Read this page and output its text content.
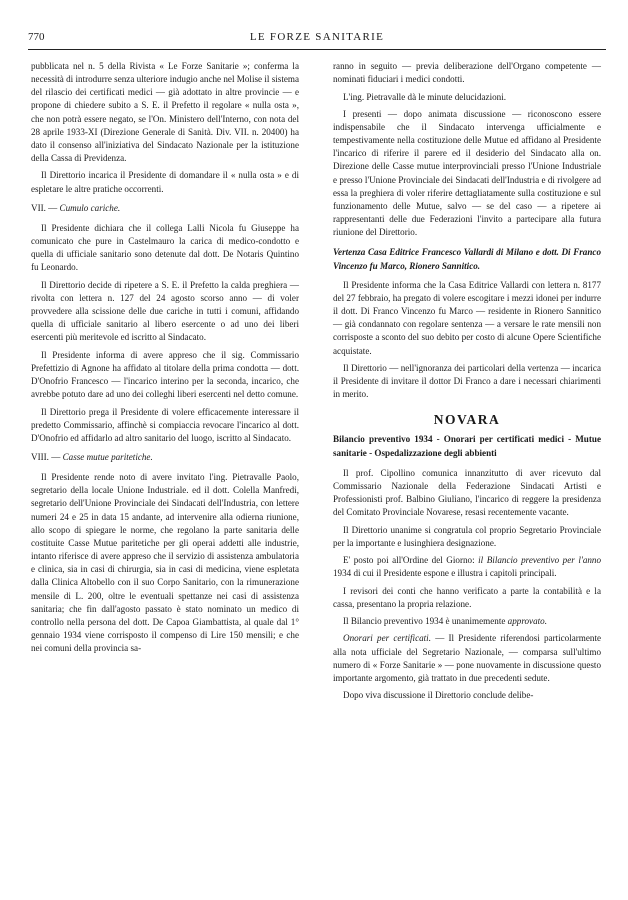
770	LE FORZE SANITARIE

pubblicata nel n. 5 della Rivista « Le Forze Sanitarie »; conferma la necessità di introdurre senza ulteriore indugio anche nel Molise il sistema del rilascio dei certificati medici — già adottato in altre provincie — e propone di chiedere subito a S. E. il Prefetto il regolare « nulla osta », che non potrà essere negato, se l'On. Ministero dell'Interno, con nota del 28 aprile 1933-XI (Direzione Generale di Sanità. Div. VII. n. 20400) ha dato il consenso all'iniziativa del Sindacato Nazionale per la istituzione della Cassa di Previdenza.

Il Direttorio incarica il Presidente di domandare il « nulla osta » e di espletare le altre pratiche occorrenti.

VII. — Cumulo cariche.

Il Presidente dichiara che il collega Lalli Nicola fu Giuseppe ha comunicato che pure in Castelmauro la carica di medico-condotto e quella di ufficiale sanitario sono detenute dal dott. De Notaris Quintino fu Leonardo.

Il Direttorio decide di ripetere a S. E. il Prefetto la calda preghiera — rivolta con lettera n. 127 del 24 agosto scorso anno — di voler provvedere alla scissione delle due cariche in tutti i comuni, affidando quella di ufficiale sanitario al libero esercente o ad uno dei liberi esercenti più meritevole ed iscritto al Sindacato.

Il Presidente informa di avere appreso che il sig. Commissario Prefettizio di Agnone ha affidato al titolare della prima condotta — dott. D'Onofrio Francesco — l'incarico interino per la seconda, incarico, che avrebbe potuto dare ad uno dei colleghi liberi esercenti nel detto comune.

Il Direttorio prega il Presidente di volere efficacemente interessare il predetto Commissario, affinchè si compiaccia revocare l'incarico al dott. D'Onofrio ed affidarlo ad altro sanitario del luogo, iscritto al Sindacato.

VIII. — Casse mutue paritetiche.

Il Presidente rende noto di avere invitato l'ing. Pietravalle Paolo, segretario della locale Unione Industriale. ed il dott. Colella Manfredi, segretario dell'Unione Provinciale dei Sindacati dell'Industria, con lettere numeri 24 e 25 in data 15 andante, ad intervenire alla odierna riunione, allo scopo di spiegare le norme, che regolano la parte sanitaria delle costituite Casse Mutue paritetiche per gli operai addetti alle industrie, intanto riferisce di avere appreso che il servizio di assistenza ambulatoria e clinica, sia in casi di chirurgia, sia in casi di medicina, viene espletata dalla Clinica Altobello con il suo Corpo Sanitario, con la rimunerazione mensile di L. 200, oltre le eventuali spettanze nei casi di assistenza sanitaria; che fin dall'agosto passato è stato nominato un medico di controllo nella persona del dott. De Capoa Giambattista, al quale dal 1° gennaio 1934 viene corrisposto il compenso di Lire 150 mensili; e che nei comuni della provincia sa-

ranno in seguito — previa deliberazione dell'Organo competente — nominati fiduciari i medici condotti.

L'ing. Pietravalle dà le minute delucidazioni.

I presenti — dopo animata discussione — riconoscono essere indispensabile che il Sindacato intervenga ufficialmente e tempestivamente nella costituzione delle Mutue ed affidano al Presidente l'incarico di riferire il parere ed il desiderio del Sindacato alla on. Direzione delle Casse mutue interprovinciali presso l'Unione Industriale e presso l'Unione Provinciale dei Sindacati dell'Industria e di rivolgere ad essa la preghiera di voler riferire dettagliatamente sulla costituzione e sul funzionamento delle Mutue, salvo — se del caso — a ripetere ai rappresentanti delle due Federazioni l'invito a partecipare alla futura riunione del Direttorio.

Vertenza Casa Editrice Francesco Vallardi di Milano e dott. Di Franco Vincenzo fu Marco, Rionero Sannitico.

Il Presidente informa che la Casa Editrice Vallardi con lettera n. 8177 del 27 febbraio, ha pregato di volere escogitare i mezzi idonei per indurre il dott. Di Franco Vincenzo fu Marco — residente in Rionero Sannitico — già condannato con regolare sentenza — a versare le rate mensili non corrisposte a sconto del suo debito per costo di alcune Opere Scientifiche acquistate.

Il Direttorio — nell'ignoranza dei particolari della vertenza — incarica il Presidente di invitare il dottor Di Franco a dare i necessari chiarimenti in merito.

NOVARA
Bilancio preventivo 1934 - Onorari per certificati medici - Mutue sanitarie - Ospedalizzazione degli abbienti

Il prof. Cipollino comunica innanzitutto di aver ricevuto dal Commissario Nazionale della Federazione Sindacati Artisti e Professionisti prof. Balbino Giuliano, l'incarico di reggere la presidenza del Comitato Provinciale Novarese, resasi recentemente vacante.

Il Direttorio unanime si congratula col proprio Segretario Provinciale per la importante e lusinghiera designazione.

E' posto poi all'Ordine del Giorno: il Bilancio preventivo per l'anno 1934 di cui il Presidente espone e illustra i capitoli principali.

I revisori dei conti che hanno verificato a parte la contabilità e la cassa, presentano la propria relazione.

Il Bilancio preventivo 1934 è unanimemente approvato.

Onorari per certificati. — Il Presidente riferendosi particolarmente alla nota ufficiale del Segretario Nazionale, — comparsa sull'ultimo numero di « Forze Sanitarie » — pone nuovamente in discussione questo importante argomento, già trattato in due precedenti sedute.

Dopo viva discussione il Direttorio conclude delibe-
